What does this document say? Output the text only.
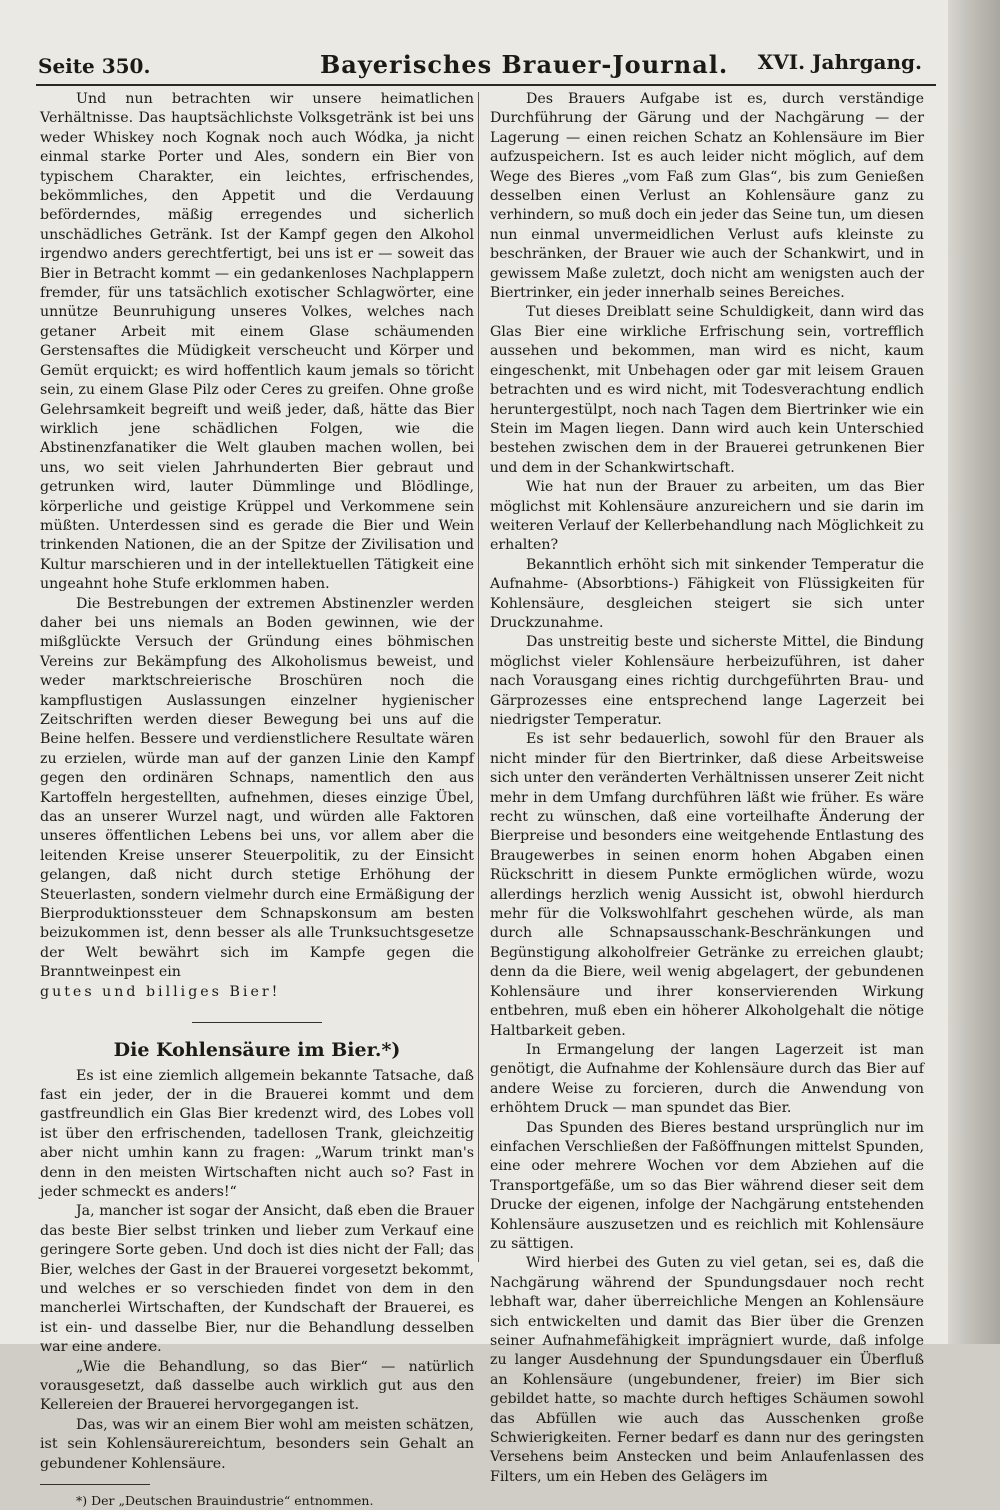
Seite 350.	Bayerisches Brauer-Journal. XVI. Jahrgang.

Und nun betrachten wir unsere heimatlichen Verhältnisse. Das hauptsächlichste Volksgetränk ist bei uns weder Whiskey noch Kognak noch auch Wódka, ja nicht einmal starke Porter und Ales, sondern ein Bier von typischem Charakter, ein leichtes, erfrischendes, bekömmliches, den Appetit und die Verdauung beförderndes, mäßig erregendes und sicherlich unschädliches Getränk. Ist der Kampf gegen den Alkohol irgendwo anders gerechtfertigt, bei uns ist er — soweit das Bier in Betracht kommt — ein gedankenloses Nachplappern fremder, für uns tatsächlich exotischer Schlagwörter, eine unnütze Beunruhigung unseres Volkes, welches nach getaner Arbeit mit einem Glase schäumenden Gerstensaftes die Müdigkeit verscheucht und Körper und Gemüt erquickt; es wird hoffentlich kaum jemals so töricht sein, zu einem Glase Pilz oder Ceres zu greifen. Ohne große Gelehrsamkeit begreift und weiß jeder, daß, hätte das Bier wirklich jene schädlichen Folgen, wie die Abstinenzfanatiker die Welt glauben machen wollen, bei uns, wo seit vielen Jahrhunderten Bier gebraut und getrunken wird, lauter Dümmlinge und Blödlinge, körperliche und geistige Krüppel und Verkommene sein müßten. Unterdessen sind es gerade die Bier und Wein trinkenden Nationen, die an der Spitze der Zivilisation und Kultur marschieren und in der intellektuellen Tätigkeit eine ungeahnt hohe Stufe erklommen haben.

Die Bestrebungen der extremen Abstinenzler werden daher bei uns niemals an Boden gewinnen, wie der mißglückte Versuch der Gründung eines böhmischen Vereins zur Bekämpfung des Alkoholismus beweist, und weder marktschreierische Broschüren noch die kampflustigen Auslassungen einzelner hygienischer Zeitschriften werden dieser Bewegung bei uns auf die Beine helfen. Bessere und verdienstlichere Resultate wären zu erzielen, würde man auf der ganzen Linie den Kampf gegen den ordinären Schnaps, namentlich den aus Kartoffeln hergestellten, aufnehmen, dieses einzige Übel, das an unserer Wurzel nagt, und würden alle Faktoren unseres öffentlichen Lebens bei uns, vor allem aber die leitenden Kreise unserer Steuerpolitik, zu der Einsicht gelangen, daß nicht durch stetige Erhöhung der Steuerlasten, sondern vielmehr durch eine Ermäßigung der Bierproduktionssteuer dem Schnapskonsum am besten beizukommen ist, denn besser als alle Trunksuchtsgesetze der Welt bewährt sich im Kampfe gegen die Branntweinpest ein

gutes und billiges Bier!

Die Kohlensäure im Bier.*)

Es ist eine ziemlich allgemein bekannte Tatsache, daß fast ein jeder, der in die Brauerei kommt und dem gastfreundlich ein Glas Bier kredenzt wird, des Lobes voll ist über den erfrischenden, tadellosen Trank, gleichzeitig aber nicht umhin kann zu fragen: „Warum trinkt man's denn in den meisten Wirtschaften nicht auch so? Fast in jeder schmeckt es anders!“

Ja, mancher ist sogar der Ansicht, daß eben die Brauer das beste Bier selbst trinken und lieber zum Verkauf eine geringere Sorte geben. Und doch ist dies nicht der Fall; das Bier, welches der Gast in der Brauerei vorgesetzt bekommt, und welches er so verschieden findet von dem in den mancherlei Wirtschaften, der Kundschaft der Brauerei, es ist ein- und dasselbe Bier, nur die Behandlung desselben war eine andere.

„Wie die Behandlung, so das Bier“ — natürlich vorausgesetzt, daß dasselbe auch wirklich gut aus den Kellereien der Brauerei hervorgegangen ist.

Das, was wir an einem Bier wohl am meisten schätzen, ist sein Kohlensäurereichtum, besonders sein Gehalt an gebundener Kohlensäure.

*) Der „Deutschen Brauindustrie“ entnommen.

Des Brauers Aufgabe ist es, durch verständige Durchführung der Gärung und der Nachgärung — der Lagerung — einen reichen Schatz an Kohlensäure im Bier aufzuspeichern. Ist es auch leider nicht möglich, auf dem Wege des Bieres „vom Faß zum Glas“, bis zum Genießen desselben einen Verlust an Kohlensäure ganz zu verhindern, so muß doch ein jeder das Seine tun, um diesen nun einmal unvermeidlichen Verlust aufs kleinste zu beschränken, der Brauer wie auch der Schankwirt, und in gewissem Maße zuletzt, doch nicht am wenigsten auch der Biertrinker, ein jeder innerhalb seines Bereiches.

Tut dieses Dreiblatt seine Schuldigkeit, dann wird das Glas Bier eine wirkliche Erfrischung sein, vortrefflich aussehen und bekommen, man wird es nicht, kaum eingeschenkt, mit Unbehagen oder gar mit leisem Grauen betrachten und es wird nicht, mit Todesverachtung endlich heruntergestülpt, noch nach Tagen dem Biertrinker wie ein Stein im Magen liegen. Dann wird auch kein Unterschied bestehen zwischen dem in der Brauerei getrunkenen Bier und dem in der Schankwirtschaft.

Wie hat nun der Brauer zu arbeiten, um das Bier möglichst mit Kohlensäure anzureichern und sie darin im weiteren Verlauf der Kellerbehandlung nach Möglichkeit zu erhalten?

Bekanntlich erhöht sich mit sinkender Temperatur die Aufnahme- (Absorbtions-) Fähigkeit von Flüssigkeiten für Kohlensäure, desgleichen steigert sie sich unter Druckzunahme.

Das unstreitig beste und sicherste Mittel, die Bindung möglichst vieler Kohlensäure herbeizuführen, ist daher nach Vorausgang eines richtig durchgeführten Brau- und Gärprozesses eine entsprechend lange Lagerzeit bei niedrigster Temperatur.

Es ist sehr bedauerlich, sowohl für den Brauer als nicht minder für den Biertrinker, daß diese Arbeitsweise sich unter den veränderten Verhältnissen unserer Zeit nicht mehr in dem Umfang durchführen läßt wie früher. Es wäre recht zu wünschen, daß eine vorteilhafte Änderung der Bierpreise und besonders eine weitgehende Entlastung des Braugewerbes in seinen enorm hohen Abgaben einen Rückschritt in diesem Punkte ermöglichen würde, wozu allerdings herzlich wenig Aussicht ist, obwohl hierdurch mehr für die Volkswohlfahrt geschehen würde, als man durch alle Schnapsausschank-Beschränkungen und Begünstigung alkoholfreier Getränke zu erreichen glaubt; denn da die Biere, weil wenig abgelagert, der gebundenen Kohlensäure und ihrer konservierenden Wirkung entbehren, muß eben ein höherer Alkoholgehalt die nötige Haltbarkeit geben.

In Ermangelung der langen Lagerzeit ist man genötigt, die Aufnahme der Kohlensäure durch das Bier auf andere Weise zu forcieren, durch die Anwendung von erhöhtem Druck — man spundet das Bier.

Das Spunden des Bieres bestand ursprünglich nur im einfachen Verschließen der Faßöffnungen mittelst Spunden, eine oder mehrere Wochen vor dem Abziehen auf die Transportgefäße, um so das Bier während dieser seit dem Drucke der eigenen, infolge der Nachgärung entstehenden Kohlensäure auszusetzen und es reichlich mit Kohlensäure zu sättigen.

Wird hierbei des Guten zu viel getan, sei es, daß die Nachgärung während der Spundungsdauer noch recht lebhaft war, daher überreichliche Mengen an Kohlensäure sich entwickelten und damit das Bier über die Grenzen seiner Aufnahmefähigkeit imprägniert wurde, daß infolge zu langer Ausdehnung der Spundungsdauer ein Überfluß an Kohlensäure (ungebundener, freier) im Bier sich gebildet hatte, so machte durch heftiges Schäumen sowohl das Abfüllen wie auch das Ausschenken große Schwierigkeiten. Ferner bedarf es dann nur des geringsten Versehens beim Anstecken und beim Anlaufenlassen des Filters, um ein Heben des Gelägers im
